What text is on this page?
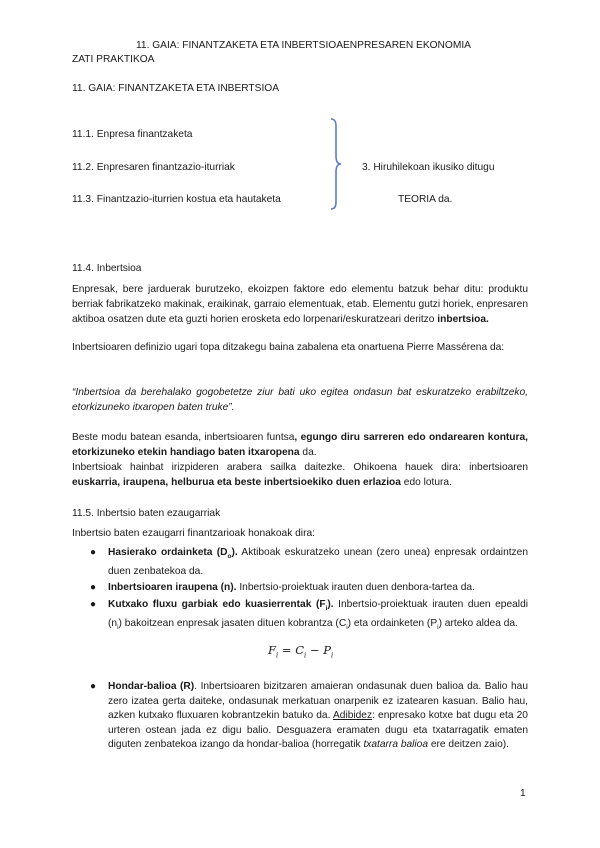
11. GAIA: FINANTZAKETA ETA INBERTSIOAENPRESAREN EKONOMIA
ZATI PRAKTIKOA
11. GAIA: FINANTZAKETA ETA INBERTSIOA
11.1. Enpresa finantzaketa
11.2. Enpresaren finantzazio-iturriak
11.3. Finantzazio-iturrien kostua eta hautaketa
3. Hiruhilekoan ikusiko ditugu
TEORIA da.
11.4. Inbertsioa
Enpresak, bere jarduerak burutzeko, ekoizpen faktore edo elementu batzuk behar ditu: produktu berriak fabrikatzeko makinak, eraikinak, garraio elementuak, etab. Elementu gutzi horiek, enpresaren aktiboa osatzen dute eta guzti horien erosketa edo lorpenari/eskuratzeari deritzo inbertsioa.
Inbertsioaren definizio ugari topa ditzakegu baina zabalena eta onartuena Pierre Massérena da:
“Inbertsioa da berehalako gogobetetze ziur bati uko egitea ondasun bat eskuratzeko erabiltzeko, etorkizuneko itxaropen baten truke”.
Beste modu batean esanda, inbertsioaren funtsa, egungo diru sarreren edo ondarearen kontura, etorkizuneko etekin handiago baten itxaropena da.
Inbertsioak hainbat irizpideren arabera sailka daitezke. Ohikoena hauek dira: inbertsioaren euskarria, iraupena, helburua eta beste inbertsioekiko duen erlazioa edo lotura.
11.5. Inbertsio baten ezaugarriak
Inbertsio baten ezaugarri finantzarioak honakoak dira:
● Hasierako ordainketa $(D_o)$. Aktiboak eskuratzeko unean (zero unea) enpresak ordaintzen duen zenbatekoa da.
● Inbertsioaren iraupena (n). Inbertsio-proiektuak irauten duen denbora-tartea da.
● Kutxako fluxu garbiak edo kuasierrentak $(F_i)$. Inbertsio-proiektuak irauten duen epealdi $(n_i)$ bakoitzean enpresak jasaten dituen kobrantza $(C_i)$ eta ordainketen $(P_i)$ arteko aldea da.
$F_i = C_i - P_i$
● Hondar-balioa (R). Inbertsioaren bizitzaren amaieran ondasunak duen balioa da. Balio hau zero izatea gerta daiteke, ondasunak merkatuan onarpenik ez izatearen kasuan. Balio hau, azken kutxako fluxuaren kobrantzekin batuko da. Adibidez: enpresako kotxe bat dugu eta 20 urteren ostean jada ez digu balio. Desguazera eramaten dugu eta txatarragatik ematen diguten zenbatekoa izango da hondar-balioa (horregatik txatarra balioa ere deitzen zaio).
1
